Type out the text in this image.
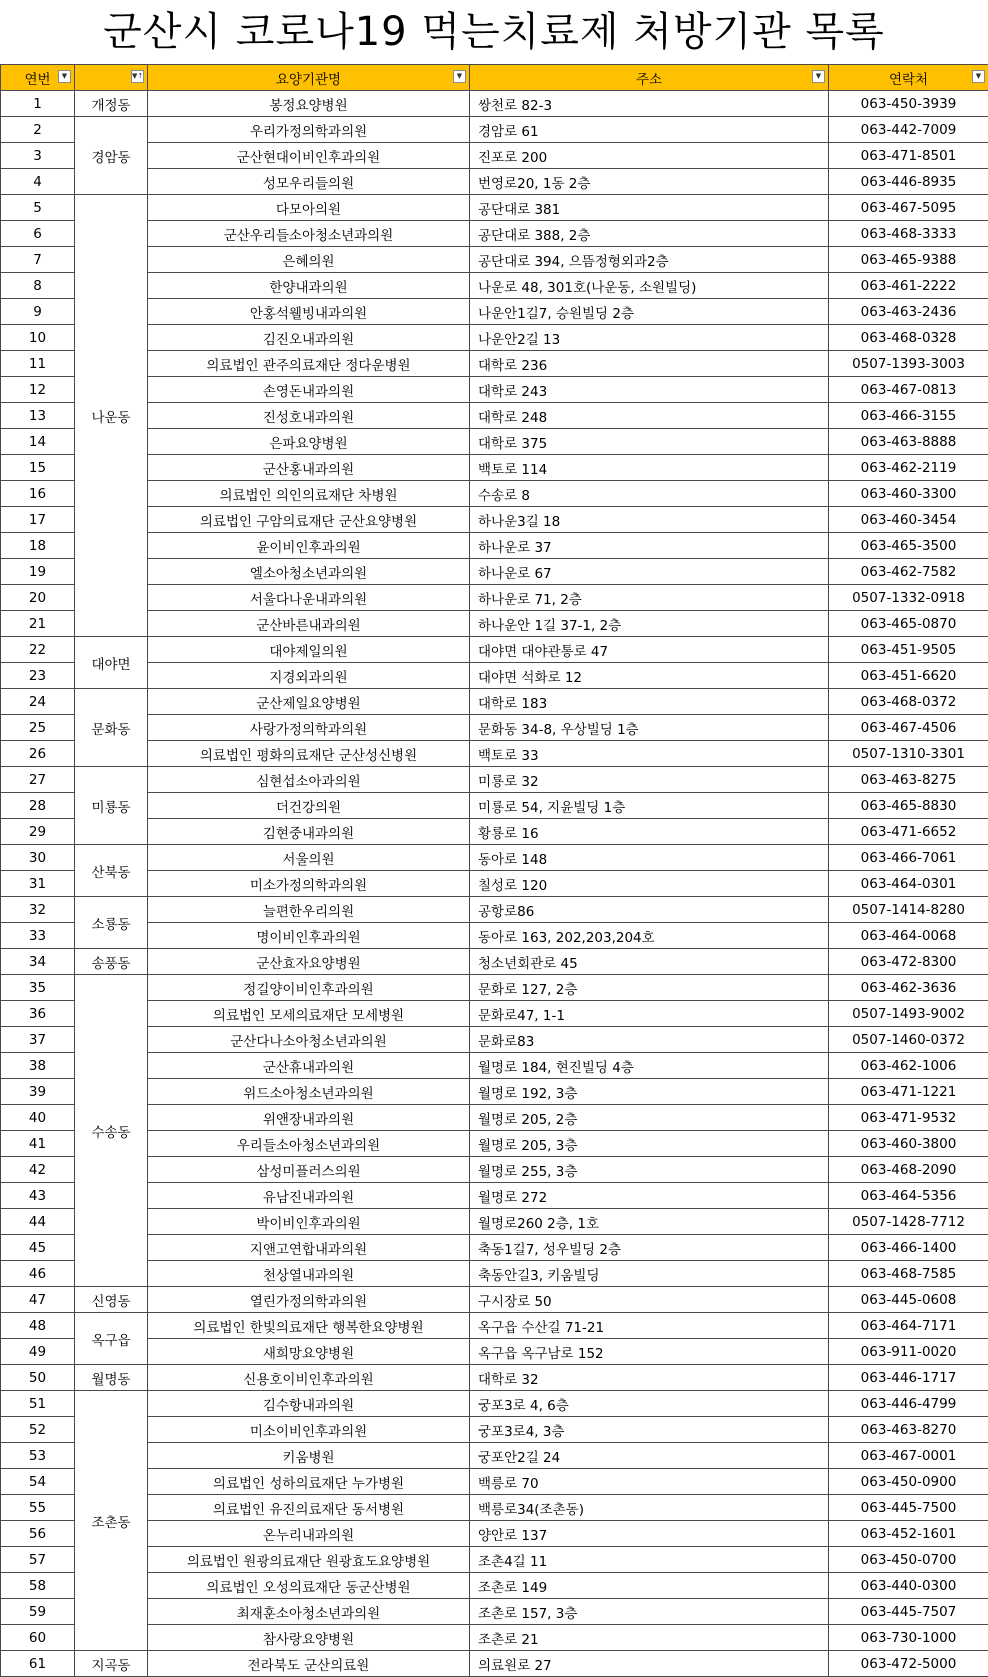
군산시 코로나19 먹는치료제 처방기관 목록
연번 ▼	▼↑	요양기관명 ▼	주소 ▼	연락처 ▼

1	개정동	봉정요양병원	쌍천로 82-3	063-450-3939
2	경암동	우리가정의학과의원	경암로 61	063-442-7009
3		군산현대이비인후과의원	진포로 200	063-471-8501
4		성모우리들의원	번영로20, 1동 2층	063-446-8935
5	나운동	다모아의원	공단대로 381	063-467-5095
6		군산우리들소아청소년과의원	공단대로 388, 2층	063-468-3333
7		은혜의원	공단대로 394, 으뜸정형외과2층	063-465-9388
8		한양내과의원	나운로 48, 301호(나운동, 소원빌딩)	063-461-2222
9		안홍석웰빙내과의원	나운안1길7, 승원빌딩 2층	063-463-2436
10		김진오내과의원	나운안2길 13	063-468-0328
11		의료법인 관주의료재단 정다운병원	대학로 236	0507-1393-3003
12		손영돈내과의원	대학로 243	063-467-0813
13		진성호내과의원	대학로 248	063-466-3155
14		은파요양병원	대학로 375	063-463-8888
15		군산홍내과의원	백토로 114	063-462-2119
16		의료법인 의인의료재단 차병원	수송로 8	063-460-3300
17		의료법인 구암의료재단 군산요양병원	하나운3길 18	063-460-3454
18		윤이비인후과의원	하나운로 37	063-465-3500
19		엘소아청소년과의원	하나운로 67	063-462-7582
20		서울다나운내과의원	하나운로 71, 2층	0507-1332-0918
21		군산바른내과의원	하나운안 1길 37-1, 2층	063-465-0870
22	대야면	대야제일의원	대야면 대야관통로 47	063-451-9505
23		지경외과의원	대야면 석화로 12	063-451-6620
24	문화동	군산제일요양병원	대학로 183	063-468-0372
25		사랑가정의학과의원	문화동 34-8, 우상빌딩 1층	063-467-4506
26		의료법인 평화의료재단 군산성신병원	백토로 33	0507-1310-3301
27	미룡동	심현섭소아과의원	미룡로 32	063-463-8275
28		더건강의원	미룡로 54, 지윤빌딩 1층	063-465-8830
29		김현중내과의원	황룡로 16	063-471-6652
30	산북동	서울의원	동아로 148	063-466-7061
31		미소가정의학과의원	칠성로 120	063-464-0301
32	소룡동	늘편한우리의원	공항로86	0507-1414-8280
33		명이비인후과의원	동아로 163, 202,203,204호	063-464-0068
34	송풍동	군산효자요양병원	청소년회관로 45	063-472-8300
35	수송동	정길양이비인후과의원	문화로 127, 2층	063-462-3636
36		의료법인 모세의료재단 모세병원	문화로47, 1-1	0507-1493-9002
37		군산다나소아청소년과의원	문화로83	0507-1460-0372
38		군산휴내과의원	월명로 184, 현진빌딩 4층	063-462-1006
39		위드소아청소년과의원	월명로 192, 3층	063-471-1221
40		위앤장내과의원	월명로 205, 2층	063-471-9532
41		우리들소아청소년과의원	월명로 205, 3층	063-460-3800
42		삼성미플러스의원	월명로 255, 3층	063-468-2090
43		유남진내과의원	월명로 272	063-464-5356
44		박이비인후과의원	월명로260 2층, 1호	0507-1428-7712
45		지앤고연합내과의원	축동1길7, 성우빌딩 2층	063-466-1400
46		천상열내과의원	축동안길3, 키움빌딩	063-468-7585
47	신영동	열린가정의학과의원	구시장로 50	063-445-0608
48	옥구읍	의료법인 한빛의료재단 행복한요양병원	옥구읍 수산길 71-21	063-464-7171
49		새희망요양병원	옥구읍 옥구남로 152	063-911-0020
50	월명동	신용호이비인후과의원	대학로 32	063-446-1717
51	조촌동	김수항내과의원	궁포3로 4, 6층	063-446-4799
52		미소이비인후과의원	궁포3로4, 3층	063-463-8270
53		키움병원	궁포안2길 24	063-467-0001
54		의료법인 성하의료재단 누가병원	백릉로 70	063-450-0900
55		의료법인 유진의료재단 동서병원	백릉로34(조촌동)	063-445-7500
56		온누리내과의원	양안로 137	063-452-1601
57		의료법인 원광의료재단 원광효도요양병원	조촌4길 11	063-450-0700
58		의료법인 오성의료재단 동군산병원	조촌로 149	063-440-0300
59		최재훈소아청소년과의원	조촌로 157, 3층	063-445-7507
60		참사랑요양병원	조촌로 21	063-730-1000
61	지곡동	전라북도 군산의료원	의료원로 27	063-472-5000
